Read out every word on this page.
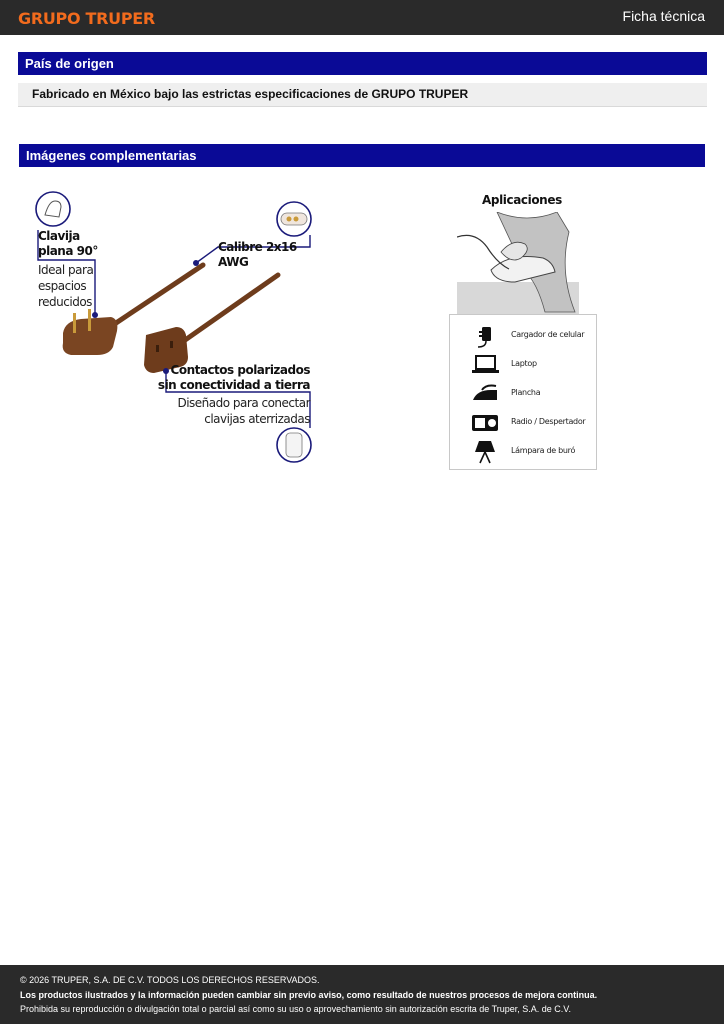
GRUPO TRUPER	Ficha técnica
País de origen
Fabricado en México bajo las estrictas especificaciones de GRUPO TRUPER
Imágenes complementarias
Clavija
plana 90°
Ideal para
espacios
reducidos
Calibre 2x16 AWG
Contactos polarizados
sin conectividad a tierra
Diseñado para conectar
clavijas aterrizadas
Aplicaciones
Cargador de celular
Laptop
Plancha
Radio / Despertador
Lámpara de buró
© 2026 TRUPER, S.A. DE C.V. TODOS LOS DERECHOS RESERVADOS.
Los productos ilustrados y la información pueden cambiar sin previo aviso, como resultado de nuestros procesos de mejora continua.
Prohibida su reproducción o divulgación total o parcial así como su uso o aprovechamiento sin autorización escrita de Truper, S.A. de C.V.
